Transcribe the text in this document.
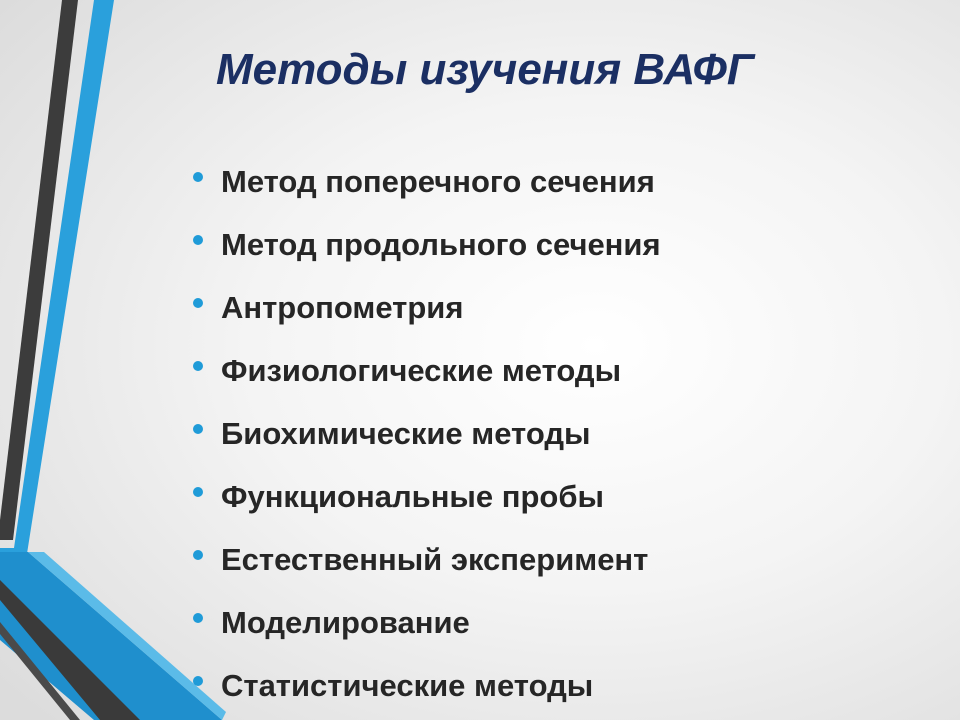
Методы изучения ВАФГ
Метод поперечного сечения
Метод продольного сечения
Антропометрия
Физиологические методы
Биохимические методы
Функциональные пробы
Естественный эксперимент
Моделирование
Статистические методы
